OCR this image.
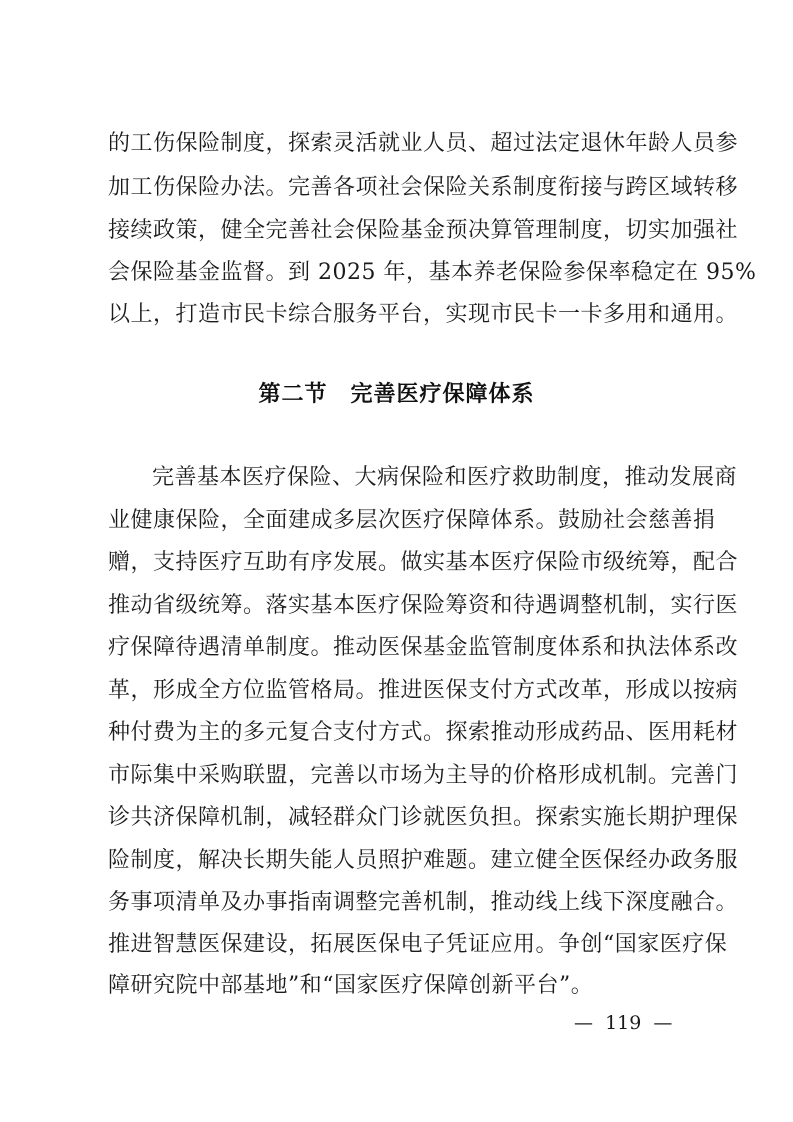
的工伤保险制度，探索灵活就业人员、超过法定退休年龄人员参
加工伤保险办法。完善各项社会保险关系制度衔接与跨区域转移
接续政策，健全完善社会保险基金预决算管理制度，切实加强社
会保险基金监督。到 2025 年，基本养老保险参保率稳定在 95%
以上，打造市民卡综合服务平台，实现市民卡一卡多用和通用。
第二节　完善医疗保障体系
完善基本医疗保险、大病保险和医疗救助制度，推动发展商
业健康保险，全面建成多层次医疗保障体系。鼓励社会慈善捐
赠，支持医疗互助有序发展。做实基本医疗保险市级统筹，配合
推动省级统筹。落实基本医疗保险筹资和待遇调整机制，实行医
疗保障待遇清单制度。推动医保基金监管制度体系和执法体系改
革，形成全方位监管格局。推进医保支付方式改革，形成以按病
种付费为主的多元复合支付方式。探索推动形成药品、医用耗材
市际集中采购联盟，完善以市场为主导的价格形成机制。完善门
诊共济保障机制，减轻群众门诊就医负担。探索实施长期护理保
险制度，解决长期失能人员照护难题。建立健全医保经办政务服
务事项清单及办事指南调整完善机制，推动线上线下深度融合。
推进智慧医保建设，拓展医保电子凭证应用。争创“国家医疗保
障研究院中部基地”和“国家医疗保障创新平台”。
—  119  —
